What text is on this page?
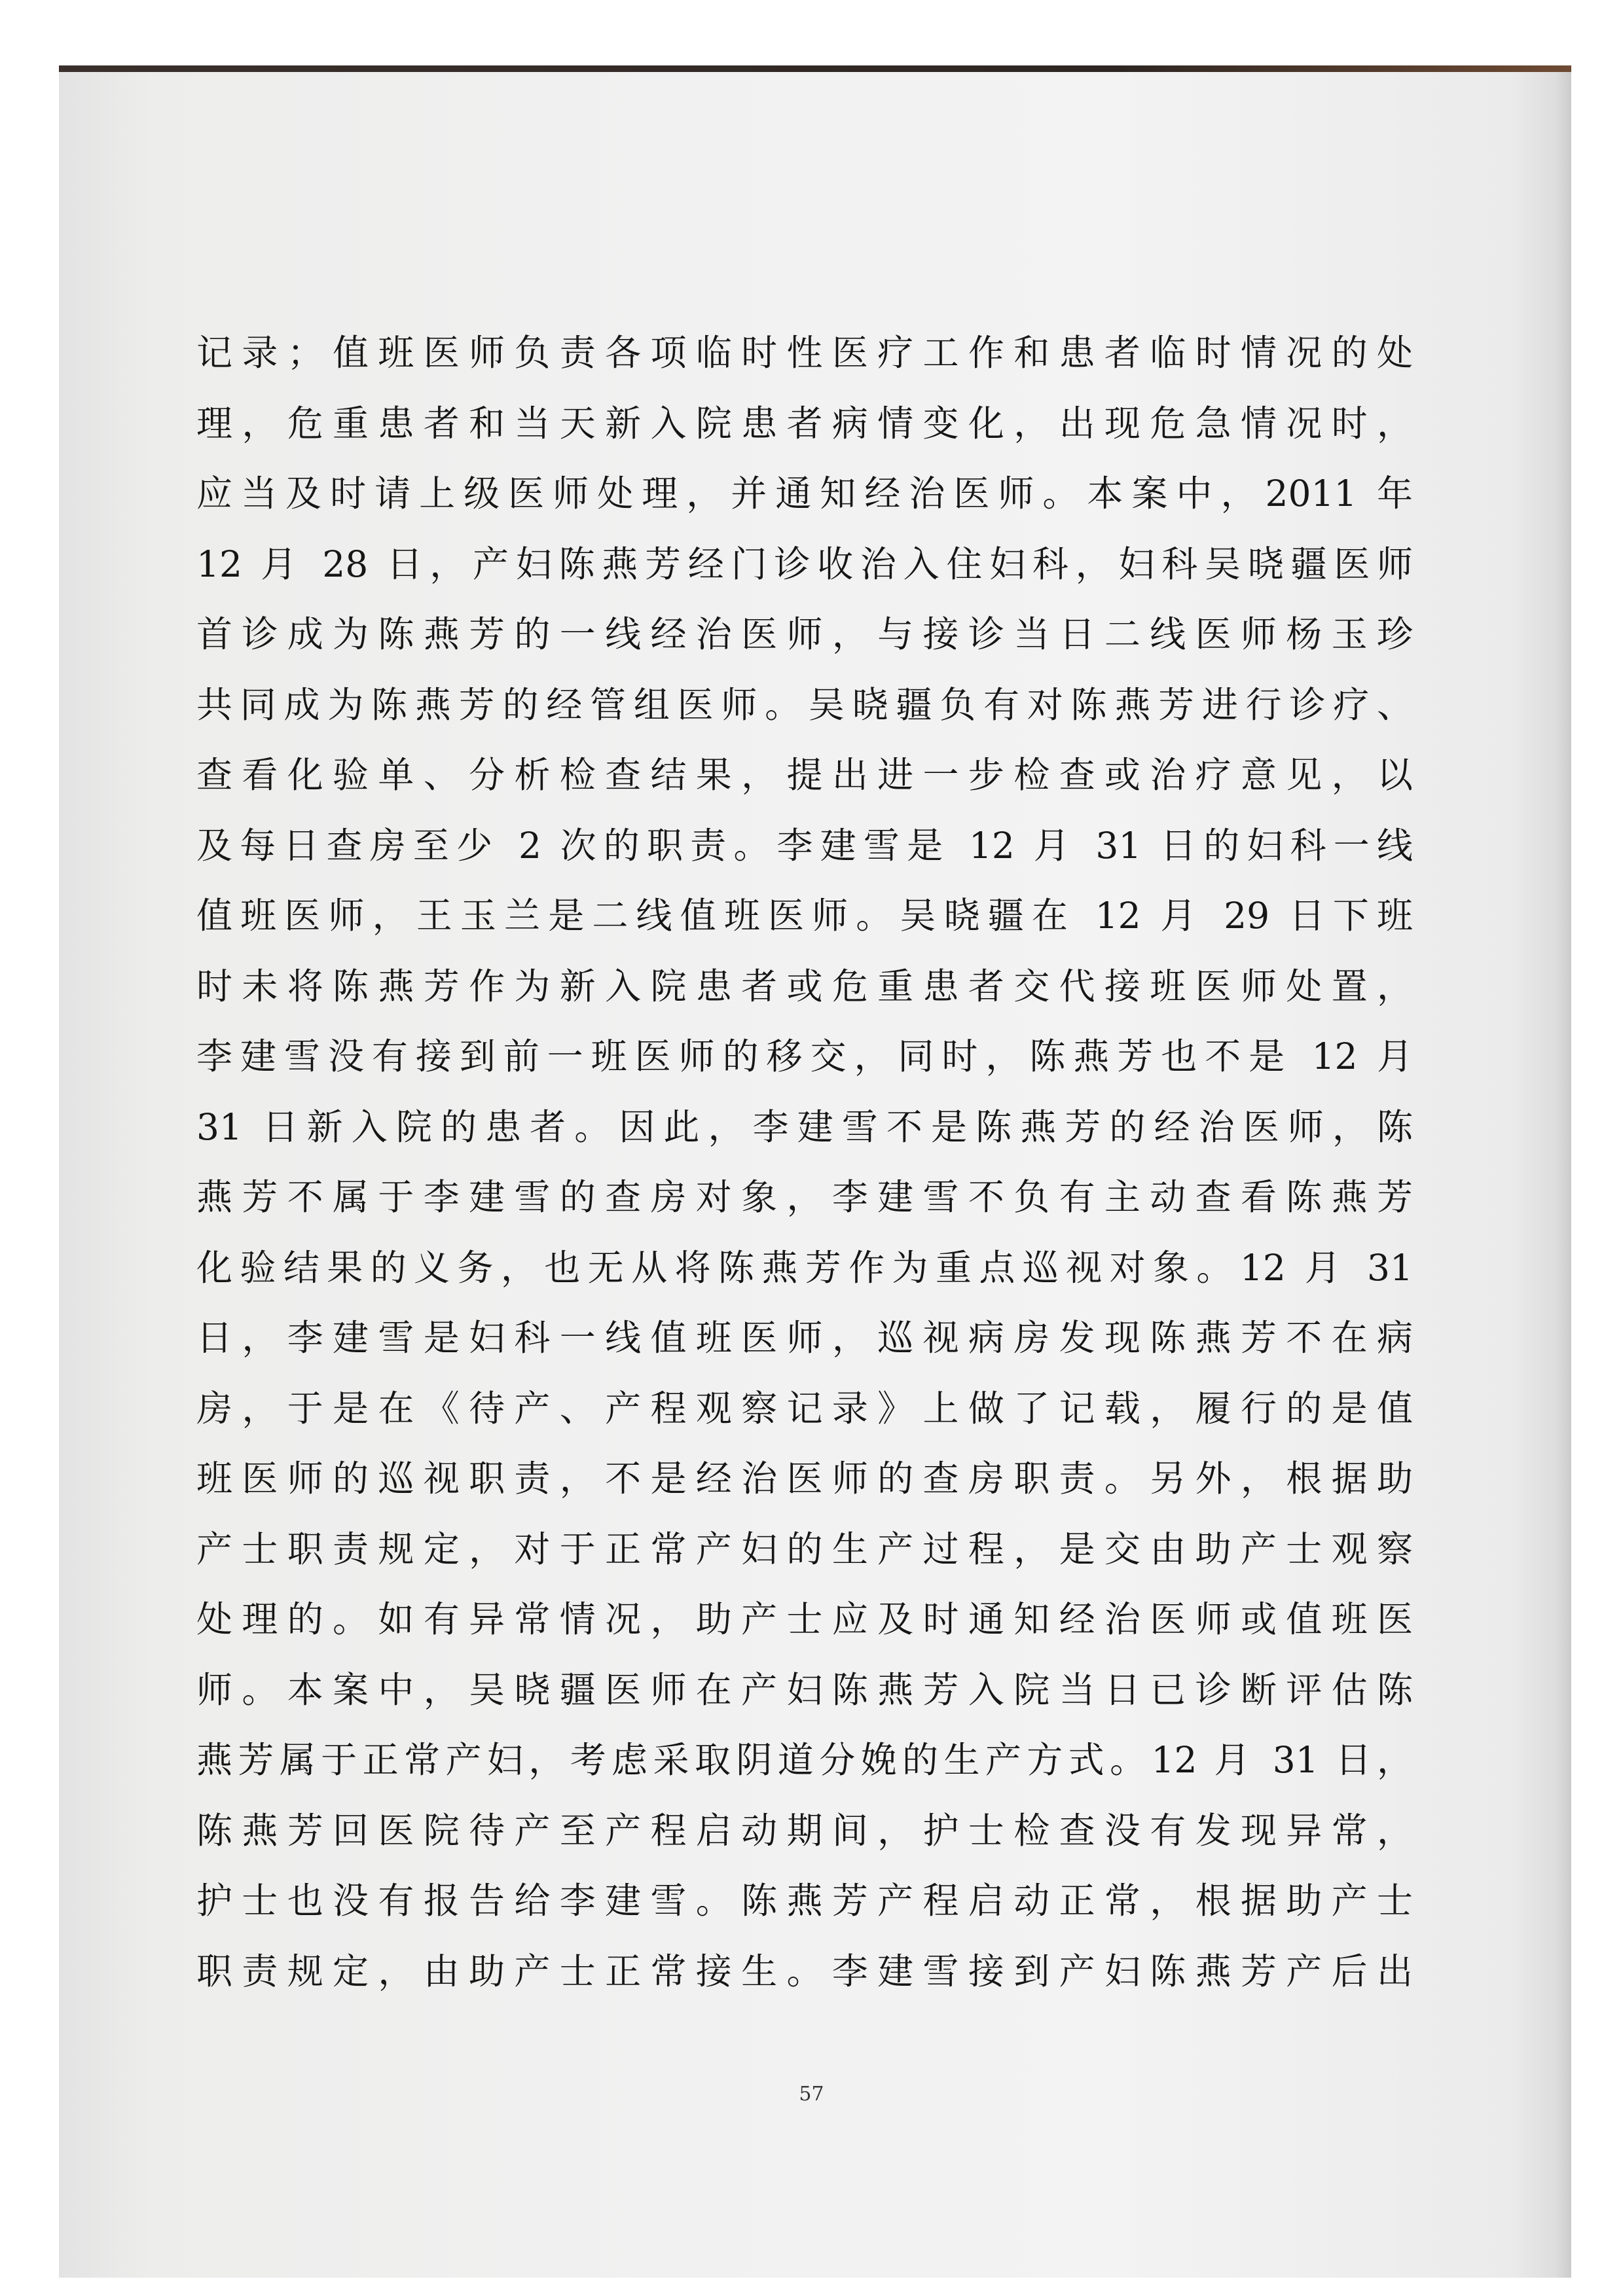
记录；值班医师负责各项临时性医疗工作和患者临时情况的处
理，危重患者和当天新入院患者病情变化，出现危急情况时，
应当及时请上级医师处理，并通知经治医师。本案中，2011 年
12 月 28 日，产妇陈燕芳经门诊收治入住妇科，妇科吴晓疆医师
首诊成为陈燕芳的一线经治医师，与接诊当日二线医师杨玉珍
共同成为陈燕芳的经管组医师。吴晓疆负有对陈燕芳进行诊疗、
查看化验单、分析检查结果，提出进一步检查或治疗意见，以
及每日查房至少 2 次的职责。李建雪是 12 月 31 日的妇科一线
值班医师，王玉兰是二线值班医师。吴晓疆在 12 月 29 日下班
时未将陈燕芳作为新入院患者或危重患者交代接班医师处置，
李建雪没有接到前一班医师的移交，同时，陈燕芳也不是 12 月
31 日新入院的患者。因此，李建雪不是陈燕芳的经治医师，陈
燕芳不属于李建雪的查房对象，李建雪不负有主动查看陈燕芳
化验结果的义务，也无从将陈燕芳作为重点巡视对象。12 月 31
日，李建雪是妇科一线值班医师，巡视病房发现陈燕芳不在病
房，于是在《待产、产程观察记录》上做了记载，履行的是值
班医师的巡视职责，不是经治医师的查房职责。另外，根据助
产士职责规定，对于正常产妇的生产过程，是交由助产士观察
处理的。如有异常情况，助产士应及时通知经治医师或值班医
师。本案中，吴晓疆医师在产妇陈燕芳入院当日已诊断评估陈
燕芳属于正常产妇，考虑采取阴道分娩的生产方式。12 月 31 日，
陈燕芳回医院待产至产程启动期间，护士检查没有发现异常，
护士也没有报告给李建雪。陈燕芳产程启动正常，根据助产士
职责规定，由助产士正常接生。李建雪接到产妇陈燕芳产后出
57
